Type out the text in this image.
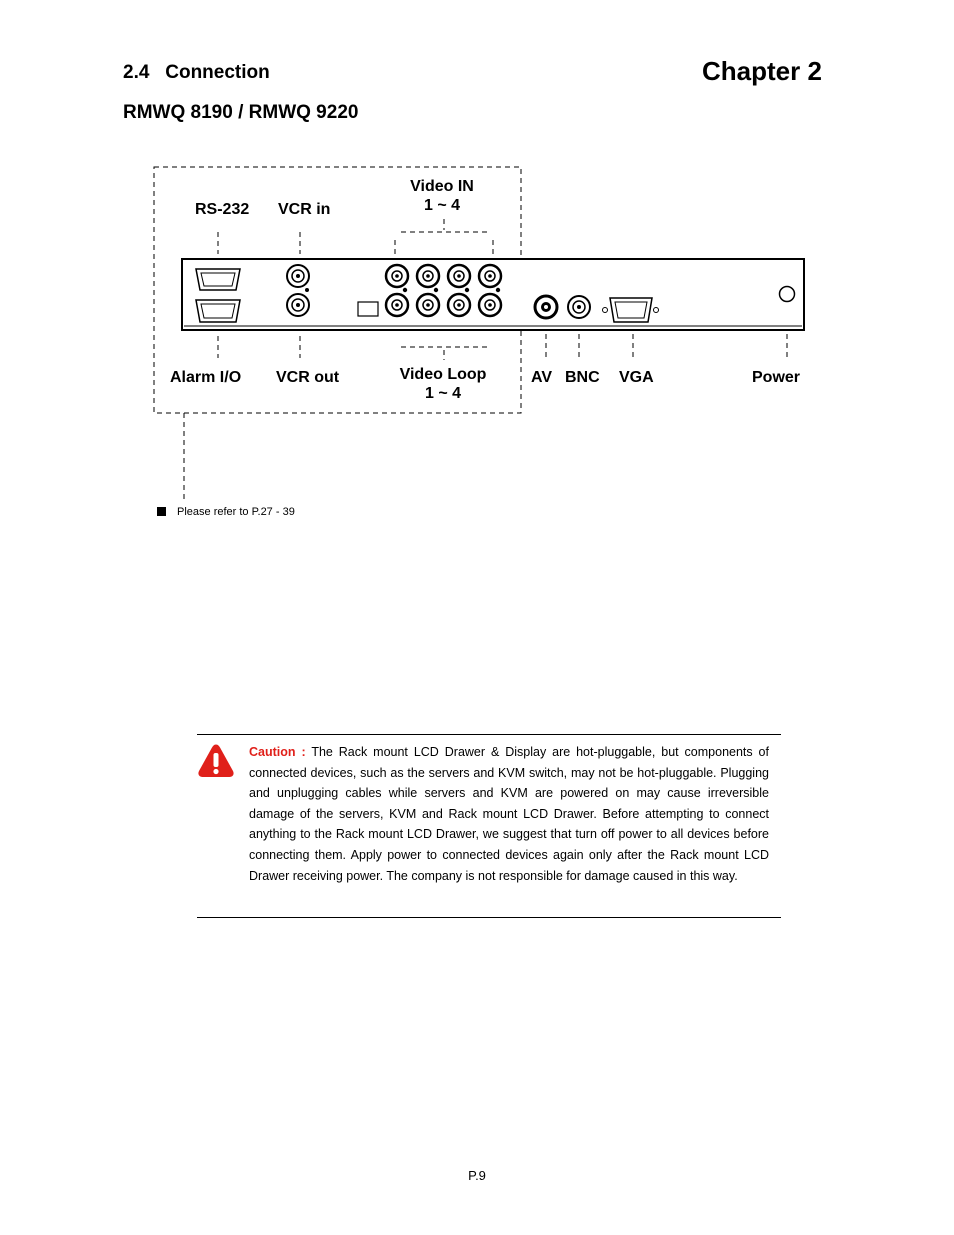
2.4   Connection	Chapter 2
RMWQ 8190 / RMWQ 9220
RS-232 VCR in
Video IN
1 ~ 4
Alarm I/O VCR out	Video Loop
1 ~ 4
AV BNC VGA	Power
Please refer to P.27 - 39
Caution : The Rack mount LCD Drawer & Display are hot-pluggable, but components of connected devices, such as the servers and KVM switch, may not be hot-pluggable. Plugging and unplugging cables while servers and KVM are powered on may cause irreversible damage of the servers, KVM and Rack mount LCD Drawer. Before attempting to connect anything to the Rack mount LCD Drawer, we suggest that turn off power to all devices before connecting them. Apply power to connected devices again only after the Rack mount LCD Drawer receiving power. The company is not responsible for damage caused in this way.
P.9
